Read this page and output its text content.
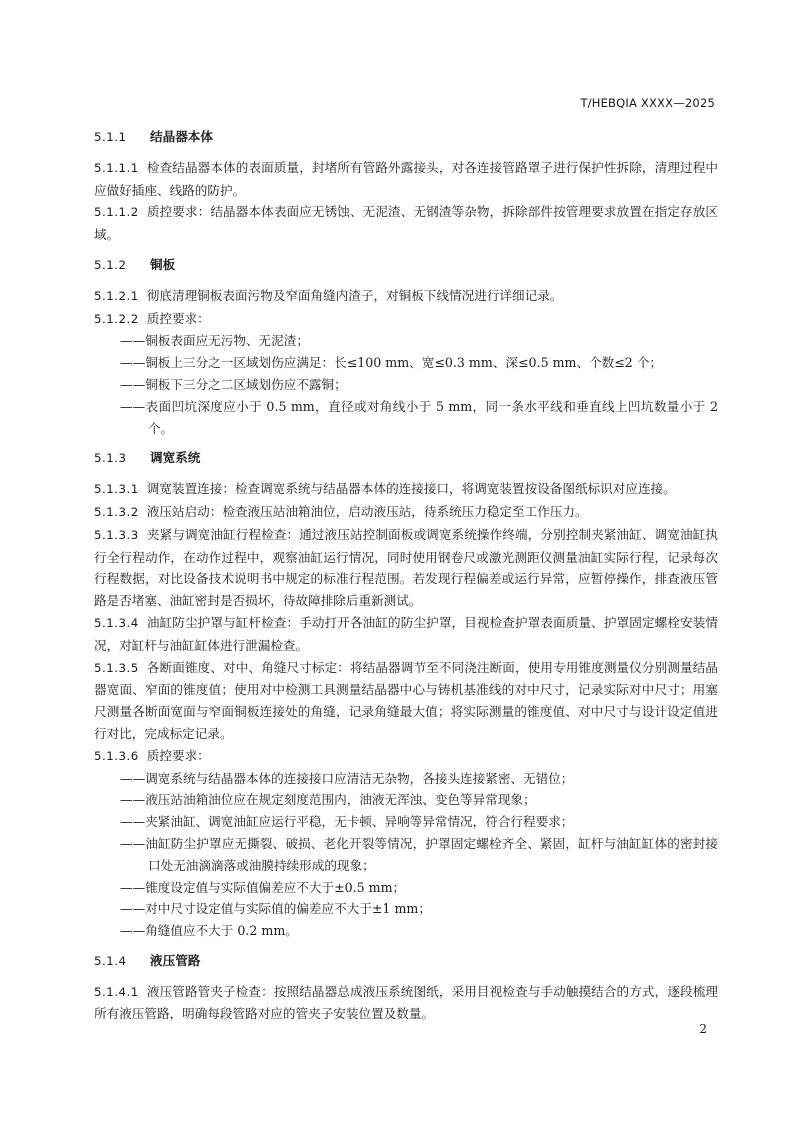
T/HEBQIA XXXX—2025
5.1.1 结晶器本体

5.1.1.1 检查结晶器本体的表面质量，封堵所有管路外露接头，对各连接管路罩子进行保护性拆除，清理过程中应做好插座、线路的防护。

5.1.1.2 质控要求：结晶器本体表面应无锈蚀、无泥渣、无钢渣等杂物，拆除部件按管理要求放置在指定存放区域。

5.1.2 铜板

5.1.2.1 彻底清理铜板表面污物及窄面角缝内渣子，对铜板下线情况进行详细记录。

5.1.2.2 质控要求：

——铜板表面应无污物、无泥渣；

——铜板上三分之一区域划伤应满足：长≤100 mm、宽≤0.3 mm、深≤0.5 mm、个数≤2 个；

——铜板下三分之二区域划伤应不露铜；

——表面凹坑深度应小于 0.5 mm，直径或对角线小于 5 mm，同一条水平线和垂直线上凹坑数量小于 2 个。

5.1.3 调宽系统

5.1.3.1 调宽装置连接：检查调宽系统与结晶器本体的连接接口，将调宽装置按设备图纸标识对应连接。

5.1.3.2 液压站启动：检查液压站油箱油位，启动液压站，待系统压力稳定至工作压力。

5.1.3.3 夹紧与调宽油缸行程检查：通过液压站控制面板或调宽系统操作终端，分别控制夹紧油缸、调宽油缸执行全行程动作，在动作过程中，观察油缸运行情况，同时使用钢卷尺或激光测距仪测量油缸实际行程，记录每次行程数据，对比设备技术说明书中规定的标准行程范围。若发现行程偏差或运行异常，应暂停操作，排查液压管路是否堵塞、油缸密封是否损坏，待故障排除后重新测试。

5.1.3.4 油缸防尘护罩与缸杆检查：手动打开各油缸的防尘护罩，目视检查护罩表面质量、护罩固定螺栓安装情况，对缸杆与油缸缸体进行泄漏检查。

5.1.3.5 各断面锥度、对中、角缝尺寸标定：将结晶器调节至不同浇注断面，使用专用锥度测量仪分别测量结晶器宽面、窄面的锥度值；使用对中检测工具测量结晶器中心与铸机基准线的对中尺寸，记录实际对中尺寸；用塞尺测量各断面宽面与窄面铜板连接处的角缝，记录角缝最大值；将实际测量的锥度值、对中尺寸与设计设定值进行对比，完成标定记录。

5.1.3.6 质控要求：

——调宽系统与结晶器本体的连接接口应清洁无杂物，各接头连接紧密、无错位；

——液压站油箱油位应在规定刻度范围内，油液无浑浊、变色等异常现象；

——夹紧油缸、调宽油缸应运行平稳，无卡顿、异响等异常情况，符合行程要求；

——油缸防尘护罩应无撕裂、破损、老化开裂等情况，护罩固定螺栓齐全、紧固，缸杆与油缸缸体的密封接口处无油滴滴落或油膜持续形成的现象；

——锥度设定值与实际值偏差应不大于±0.5 mm；

——对中尺寸设定值与实际值的偏差应不大于±1 mm；

——角缝值应不大于 0.2 mm。

5.1.4 液压管路

5.1.4.1 液压管路管夹子检查：按照结晶器总成液压系统图纸，采用目视检查与手动触摸结合的方式，逐段梳理所有液压管路，明确每段管路对应的管夹子安装位置及数量。

2
